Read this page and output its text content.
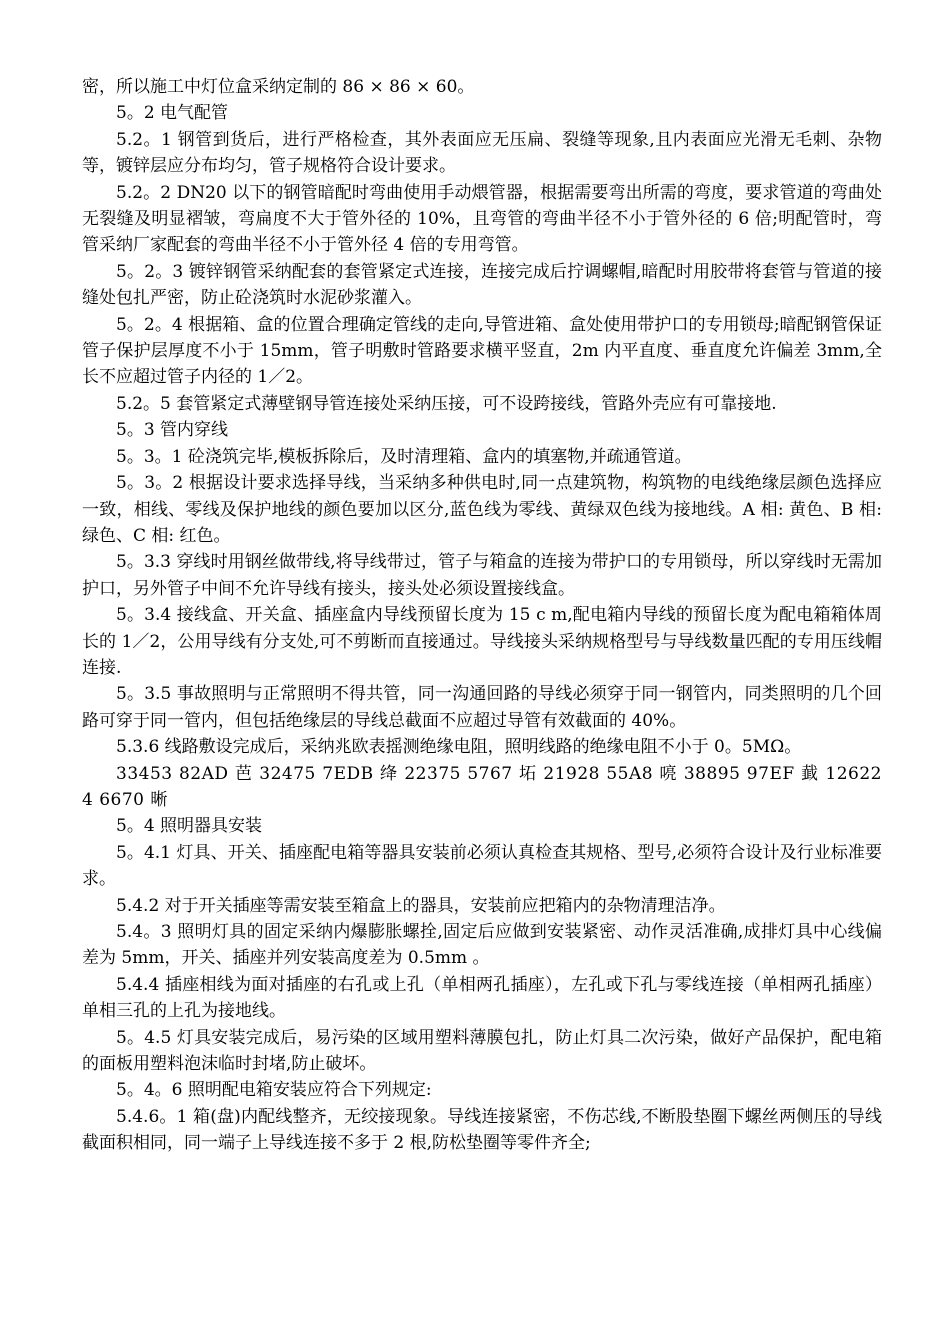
密，所以施工中灯位盒采纳定制的 86 × 86 × 60。

5。2 电气配管

5.2。1 钢管到货后，进行严格检查，其外表面应无压扁、裂缝等现象,且内表面应光滑无毛刺、杂物等，镀锌层应分布均匀，管子规格符合设计要求。

5.2。2 DN20 以下的钢管暗配时弯曲使用手动煨管器，根据需要弯出所需的弯度，要求管道的弯曲处无裂缝及明显褶皱，弯扁度不大于管外径的 10%，且弯管的弯曲半径不小于管外径的 6 倍;明配管时，弯管采纳厂家配套的弯曲半径不小于管外径 4 倍的专用弯管。

5。2。3 镀锌钢管采纳配套的套管紧定式连接，连接完成后拧调螺帽,暗配时用胶带将套管与管道的接缝处包扎严密，防止砼浇筑时水泥砂浆灌入。

5。2。4 根据箱、盒的位置合理确定管线的走向,导管进箱、盒处使用带护口的专用锁母;暗配钢管保证管子保护层厚度不小于 15mm，管子明敷时管路要求横平竖直，2m 内平直度、垂直度允许偏差 3mm,全长不应超过管子内径的 1／2。

5.2。5 套管紧定式薄壁钢导管连接处采纳压接，可不设跨接线，管路外壳应有可靠接地.

5。3 管内穿线

5。3。1 砼浇筑完毕,模板拆除后，及时清理箱、盒内的填塞物,并疏通管道。

5。3。2 根据设计要求选择导线，当采纳多种供电时,同一点建筑物，构筑物的电线绝缘层颜色选择应一致，相线、零线及保护地线的颜色要加以区分,蓝色线为零线、黄绿双色线为接地线。A 相: 黄色、B 相: 绿色、C 相: 红色。

5。3.3 穿线时用钢丝做带线,将导线带过，管子与箱盒的连接为带护口的专用锁母，所以穿线时无需加护口，另外管子中间不允许导线有接头，接头处必须设置接线盒。

5。3.4 接线盒、开关盒、插座盒内导线预留长度为 15 c m,配电箱内导线的预留长度为配电箱箱体周长的 1／2，公用导线有分支处,可不剪断而直接通过。导线接头采纳规格型号与导线数量匹配的专用压线帽连接.

5。3.5 事故照明与正常照明不得共管，同一沟通回路的导线必须穿于同一钢管内，同类照明的几个回路可穿于同一管内，但包括绝缘层的导线总截面不应超过导管有效截面的 40%。

5.3.6 线路敷设完成后，采纳兆欧表摇测绝缘电阻，照明线路的绝缘电阻不小于 0。5MΩ。

33453 82AD 芭 32475 7EDB 绛 22375 5767 坧 21928 55A8 喨 38895 97EF 韯 126224 6670 晰

5。4 照明器具安装

5。4.1 灯具、开关、插座配电箱等器具安装前必须认真检查其规格、型号,必须符合设计及行业标准要求。

5.4.2 对于开关插座等需安装至箱盒上的器具，安装前应把箱内的杂物清理洁净。

5.4。3 照明灯具的固定采纳内爆膨胀螺拴,固定后应做到安装紧密、动作灵活准确,成排灯具中心线偏差为 5mm，开关、插座并列安装高度差为 0.5mm 。

5.4.4 插座相线为面对插座的右孔或上孔（单相两孔插座），左孔或下孔与零线连接（单相两孔插座）单相三孔的上孔为接地线。

5。4.5 灯具安装完成后，易污染的区域用塑料薄膜包扎，防止灯具二次污染，做好产品保护，配电箱的面板用塑料泡沫临时封堵,防止破坏。

5。4。6 照明配电箱安装应符合下列规定:

5.4.6。1 箱(盘)内配线整齐，无绞接现象。导线连接紧密，不伤芯线,不断股垫圈下螺丝两侧压的导线截面积相同，同一端子上导线连接不多于 2 根,防松垫圈等零件齐全;
